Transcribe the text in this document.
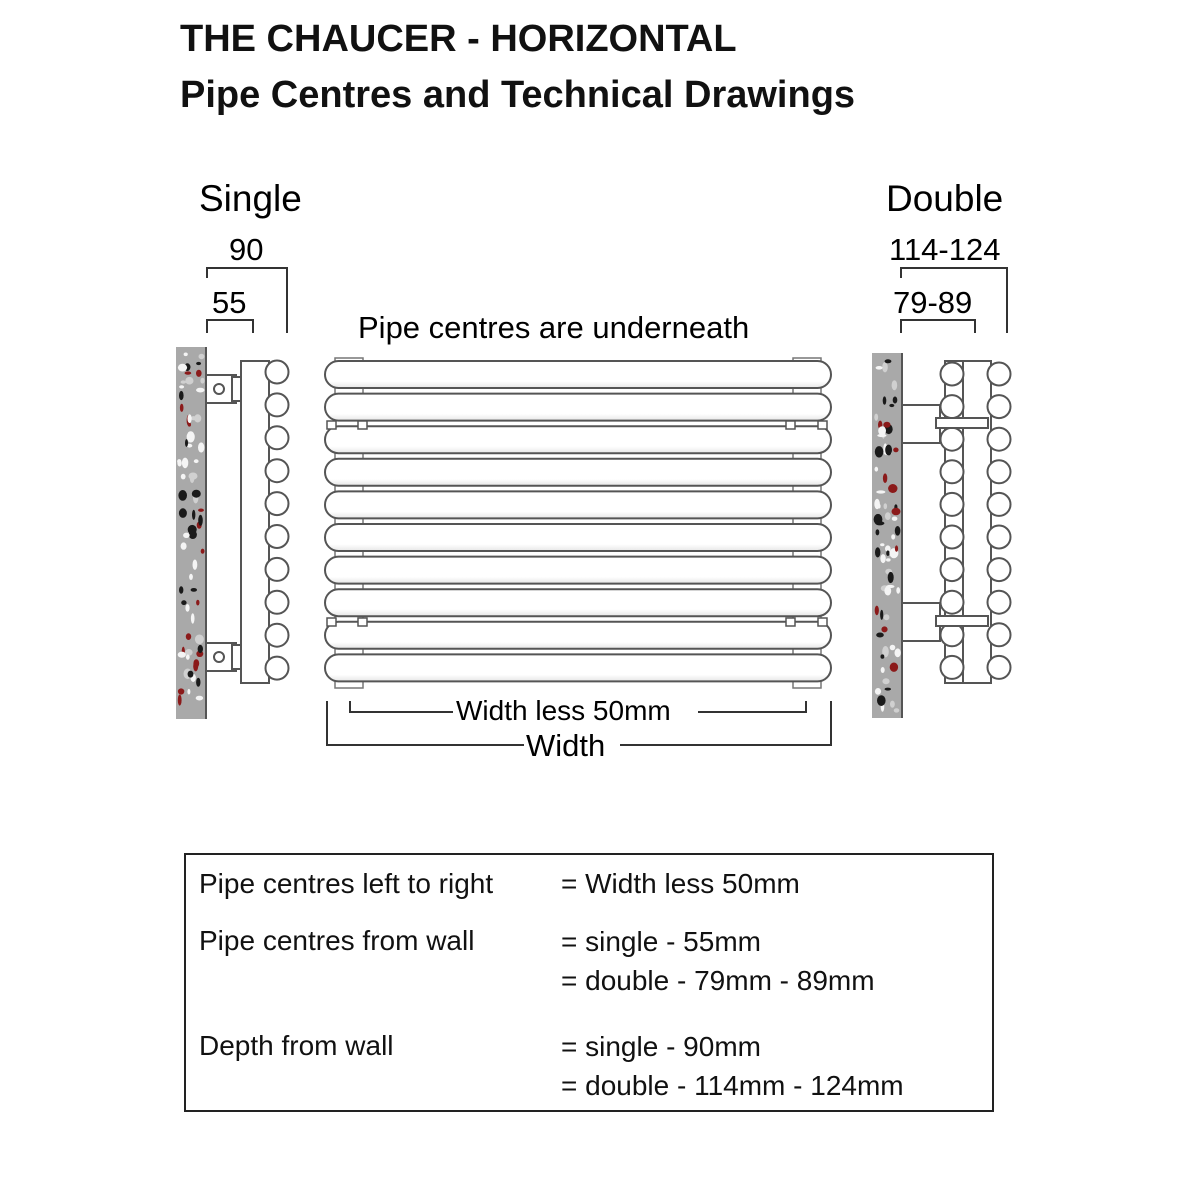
THE CHAUCER - HORIZONTAL
Pipe Centres and Technical Drawings
Single
90
55
Double
114-124
79-89
Pipe centres are underneath
Width less 50mm
Width
Pipe centres left to right = Width less 50mm
Pipe centres from wall	= single - 55mm
= double - 79mm - 89mm
Depth from wall	= single - 90mm
= double - 114mm - 124mm
